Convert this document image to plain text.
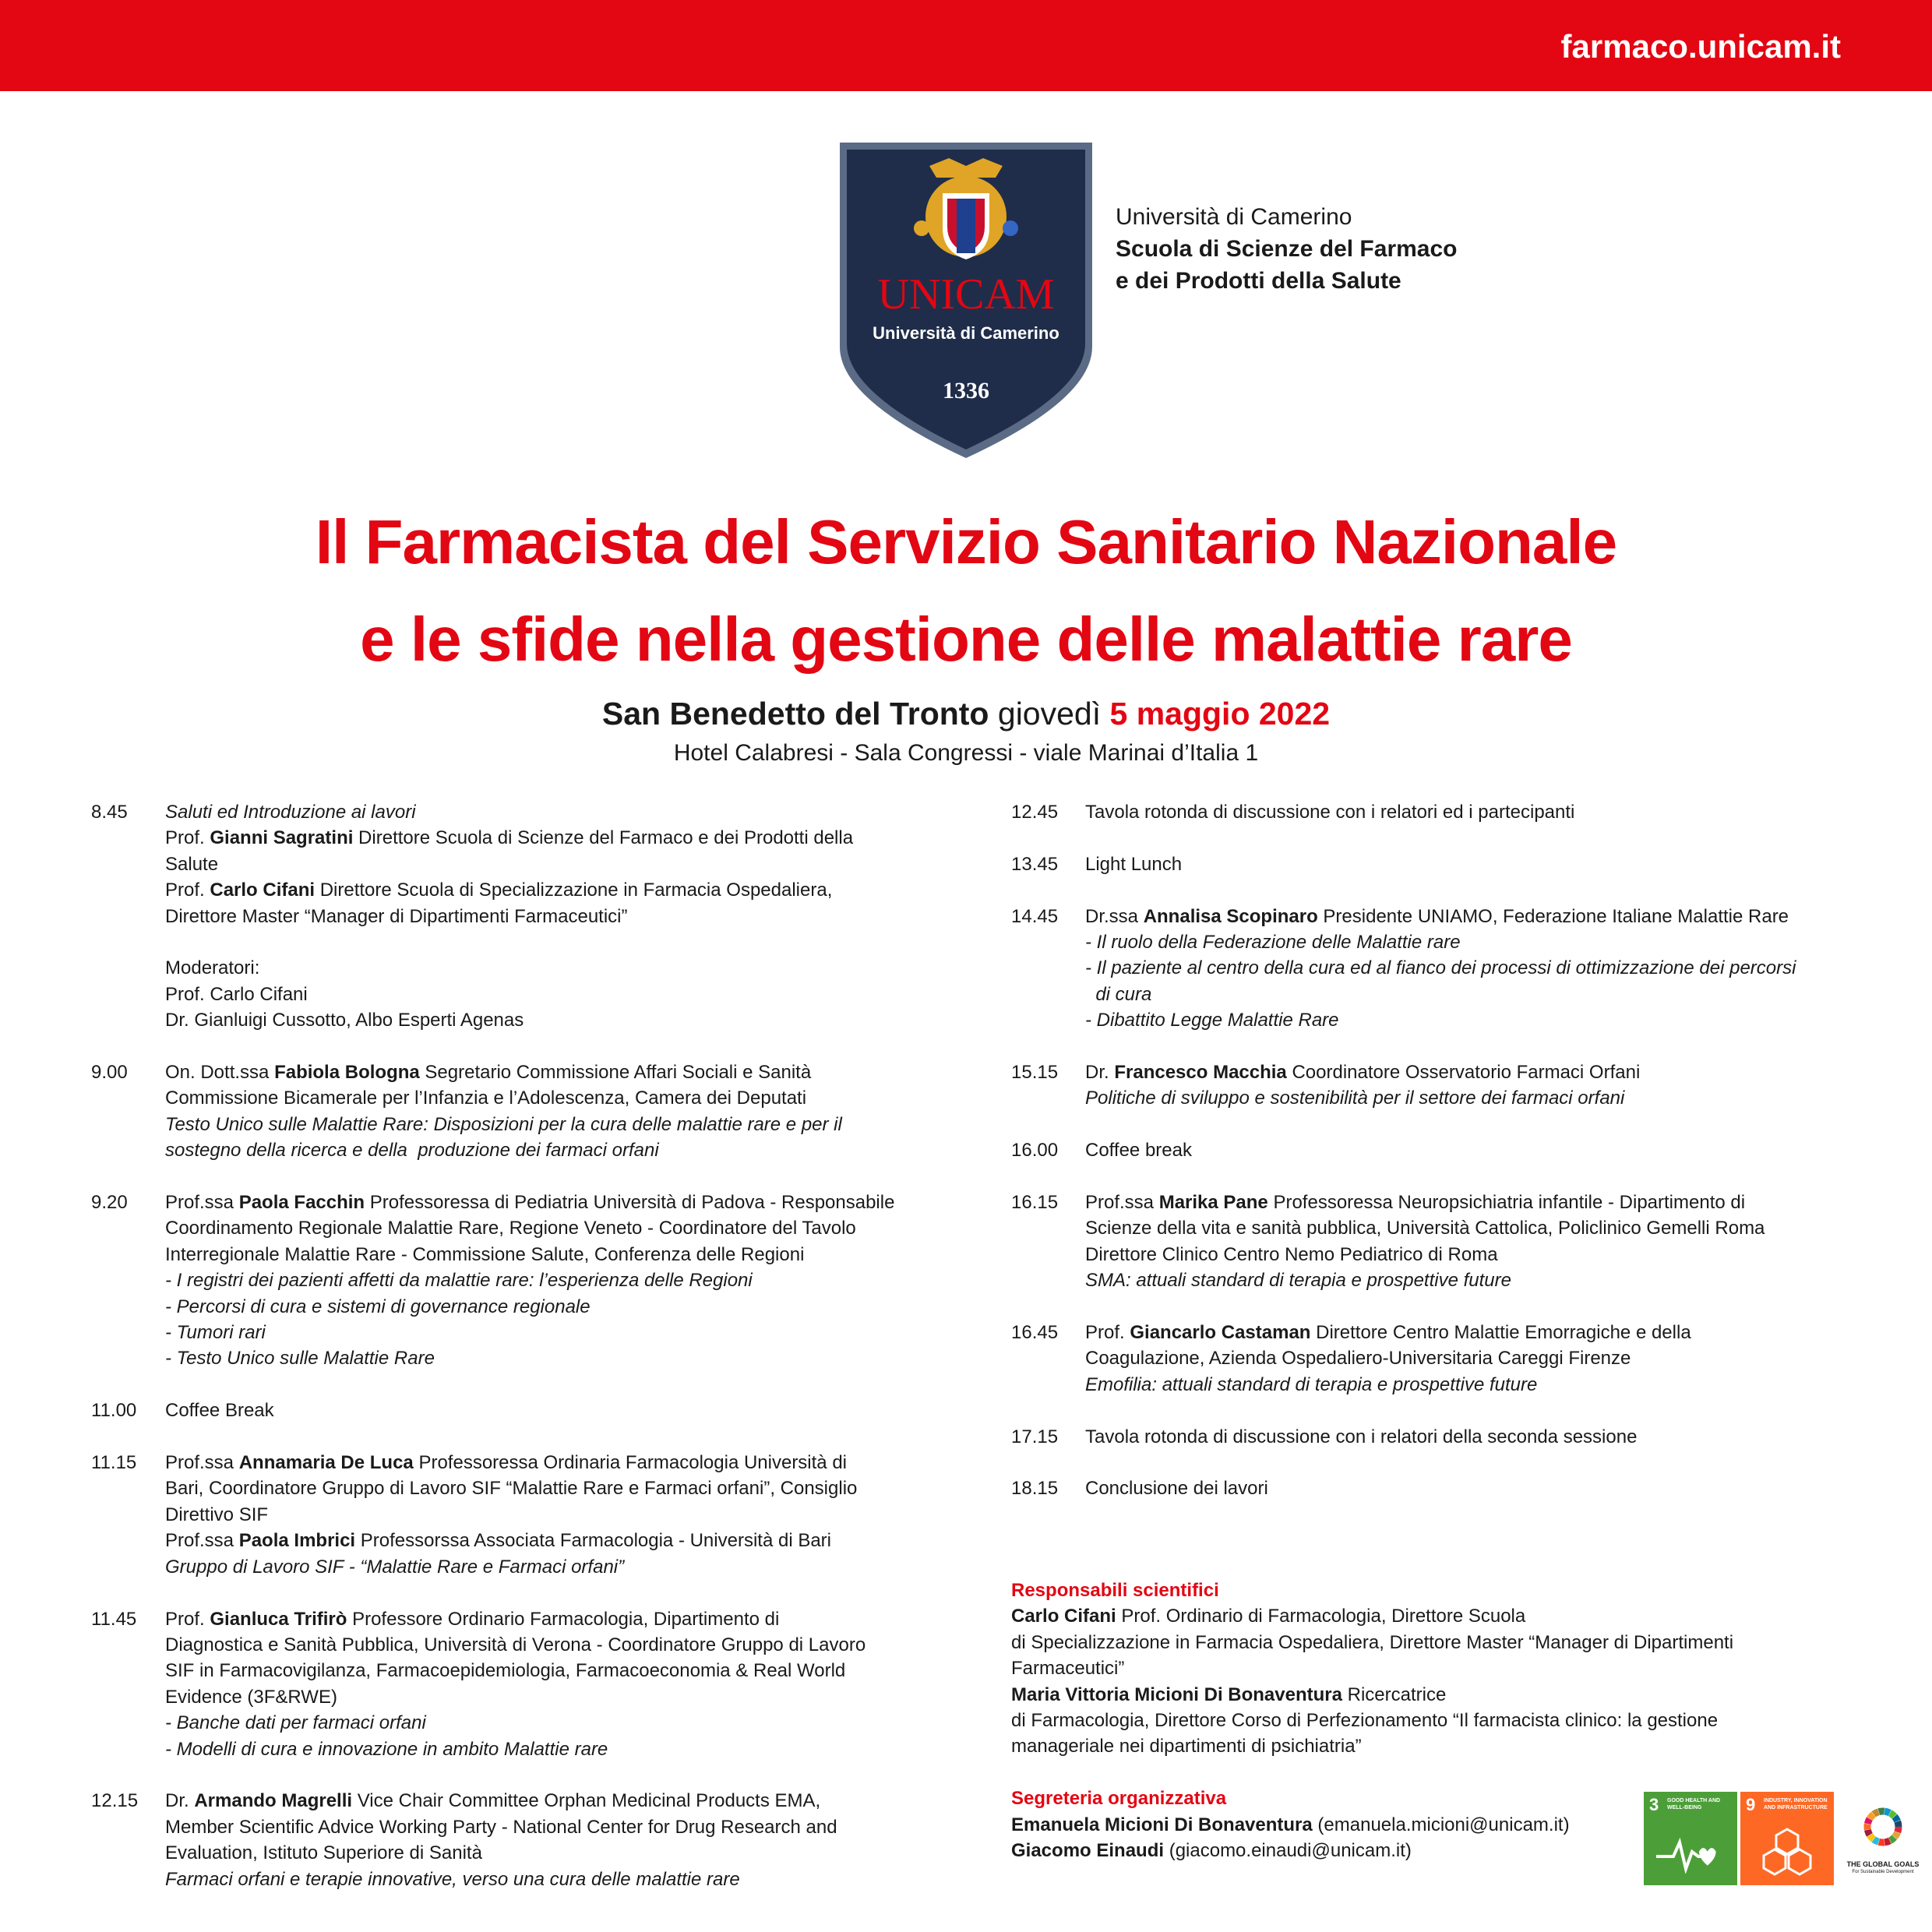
farmaco.unicam.it
UNICAM
Università di Camerino
1336
Università di Camerino
Scuola di Scienze del Farmaco
e dei Prodotti della Salute
Il Farmacista del Servizio Sanitario Nazionale
e le sfide nella gestione delle malattie rare
San Benedetto del Tronto giovedì 5 maggio 2022
Hotel Calabresi - Sala Congressi - viale Marinai d’Italia 1
8.45	Saluti ed Introduzione ai lavori
Prof. Gianni Sagratini Direttore Scuola di Scienze del Farmaco e dei Prodotti della
Salute
Prof. Carlo Cifani Direttore Scuola di Specializzazione in Farmacia Ospedaliera,
Direttore Master “Manager di Dipartimenti Farmaceutici”
Moderatori:
Prof. Carlo Cifani
Dr. Gianluigi Cussotto, Albo Esperti Agenas
9.00	On. Dott.ssa Fabiola Bologna Segretario Commissione Affari Sociali e Sanità
Commissione Bicamerale per l’Infanzia e l’Adolescenza, Camera dei Deputati
Testo Unico sulle Malattie Rare: Disposizioni per la cura delle malattie rare e per il
sostegno della ricerca e della  produzione dei farmaci orfani
9.20	Prof.ssa Paola Facchin Professoressa di Pediatria Università di Padova - Responsabile
Coordinamento Regionale Malattie Rare, Regione Veneto - Coordinatore del Tavolo
Interregionale Malattie Rare - Commissione Salute, Conferenza delle Regioni
- I registri dei pazienti affetti da malattie rare: l’esperienza delle Regioni
- Percorsi di cura e sistemi di governance regionale
- Tumori rari
- Testo Unico sulle Malattie Rare
11.00	Coffee Break
11.15	Prof.ssa Annamaria De Luca Professoressa Ordinaria Farmacologia Università di
Bari, Coordinatore Gruppo di Lavoro SIF “Malattie Rare e Farmaci orfani”, Consiglio
Direttivo SIF
Prof.ssa Paola Imbrici Professorssa Associata Farmacologia - Università di Bari
Gruppo di Lavoro SIF - “Malattie Rare e Farmaci orfani”
11.45	Prof. Gianluca Trifirò Professore Ordinario Farmacologia, Dipartimento di
Diagnostica e Sanità Pubblica, Università di Verona - Coordinatore Gruppo di Lavoro
SIF in Farmacovigilanza, Farmacoepidemiologia, Farmacoeconomia & Real World
Evidence (3F&RWE)
- Banche dati per farmaci orfani
- Modelli di cura e innovazione in ambito Malattie rare
12.15	Dr. Armando Magrelli Vice Chair Committee Orphan Medicinal Products EMA,
Member Scientific Advice Working Party - National Center for Drug Research and
Evaluation, Istituto Superiore di Sanità
Farmaci orfani e terapie innovative, verso una cura delle malattie rare
12.45	Tavola rotonda di discussione con i relatori ed i partecipanti
13.45	Light Lunch
14.45	Dr.ssa Annalisa Scopinaro Presidente UNIAMO, Federazione Italiane Malattie Rare
- Il ruolo della Federazione delle Malattie rare
- Il paziente al centro della cura ed al fianco dei processi di ottimizzazione dei percorsi
di cura
- Dibattito Legge Malattie Rare
15.15	Dr. Francesco Macchia Coordinatore Osservatorio Farmaci Orfani
Politiche di sviluppo e sostenibilità per il settore dei farmaci orfani
16.00	Coffee break
16.15	Prof.ssa Marika Pane Professoressa Neuropsichiatria infantile - Dipartimento di
Scienze della vita e sanità pubblica, Università Cattolica, Policlinico Gemelli Roma
Direttore Clinico Centro Nemo Pediatrico di Roma
SMA: attuali standard di terapia e prospettive future
16.45	Prof. Giancarlo Castaman Direttore Centro Malattie Emorragiche e della
Coagulazione, Azienda Ospedaliero-Universitaria Careggi Firenze
Emofilia: attuali standard di terapia e prospettive future
17.15	Tavola rotonda di discussione con i relatori della seconda sessione
18.15	Conclusione dei lavori
Responsabili scientifici
Carlo Cifani Prof. Ordinario di Farmacologia, Direttore Scuola
di Specializzazione in Farmacia Ospedaliera, Direttore Master “Manager di Dipartimenti
Farmaceutici”
Maria Vittoria Micioni Di Bonaventura Ricercatrice
di Farmacologia, Direttore Corso di Perfezionamento “Il farmacista clinico: la gestione
manageriale nei dipartimenti di psichiatria”
Segreteria organizzativa
Emanuela Micioni Di Bonaventura (emanuela.micioni@unicam.it)
Giacomo Einaudi (giacomo.einaudi@unicam.it)
3 GOOD HEALTH AND WELL-BEING	9 INDUSTRY, INNOVATION AND INFRASTRUCTURE
THE GLOBAL GOALS
For Sustainable Development
